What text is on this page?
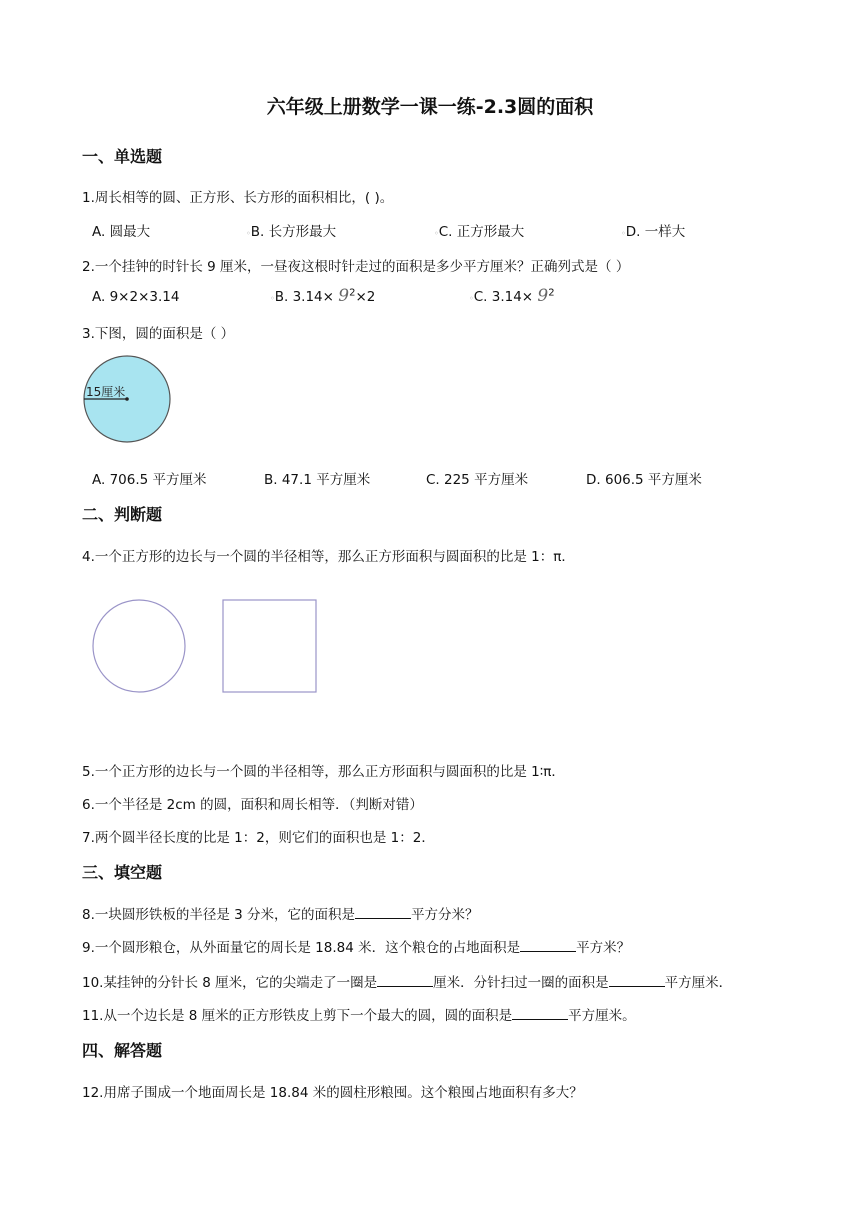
六年级上册数学一课一练-2.3圆的面积
一、单选题
1.周长相等的圆、正方形、长方形的面积相比，( )。
A. 圆最大	◦B. 长方形最大	◦C. 正方形最大	◦D. 一样大
2.一个挂钟的时针长 9 厘米，一昼夜这根时针走过的面积是多少平方厘米？正确列式是（ ）
A. 9×2×3.14	◦B. $3.14\times 9^2\times 2$	◦C. $3.14\times 9^2$
3.下图，圆的面积是（ ）
15厘米
A. 706.5 平方厘米	B. 47.1 平方厘米	C. 225 平方厘米	D. 606.5 平方厘米
二、判断题
4.一个正方形的边长与一个圆的半径相等，那么正方形面积与圆面积的比是 1：π．
5.一个正方形的边长与一个圆的半径相等，那么正方形面积与圆面积的比是 1∶π．
6.一个半径是 2cm 的圆，面积和周长相等．（判断对错）
7.两个圆半径长度的比是 1：2，则它们的面积也是 1：2．
三、填空题
8.一块圆形铁板的半径是 3 分米，它的面积是	平方分米？
9.一个圆形粮仓，从外面量它的周长是 18.84 米．这个粮仓的占地面积是	平方米？
10.某挂钟的分针长 8 厘米，它的尖端走了一圈是	厘米．分针扫过一圈的面积是	平方厘米．
11.从一个边长是 8 厘米的正方形铁皮上剪下一个最大的圆，圆的面积是	平方厘米。
四、解答题
12.用席子围成一个地面周长是 18.84 米的圆柱形粮囤。这个粮囤占地面积有多大？
